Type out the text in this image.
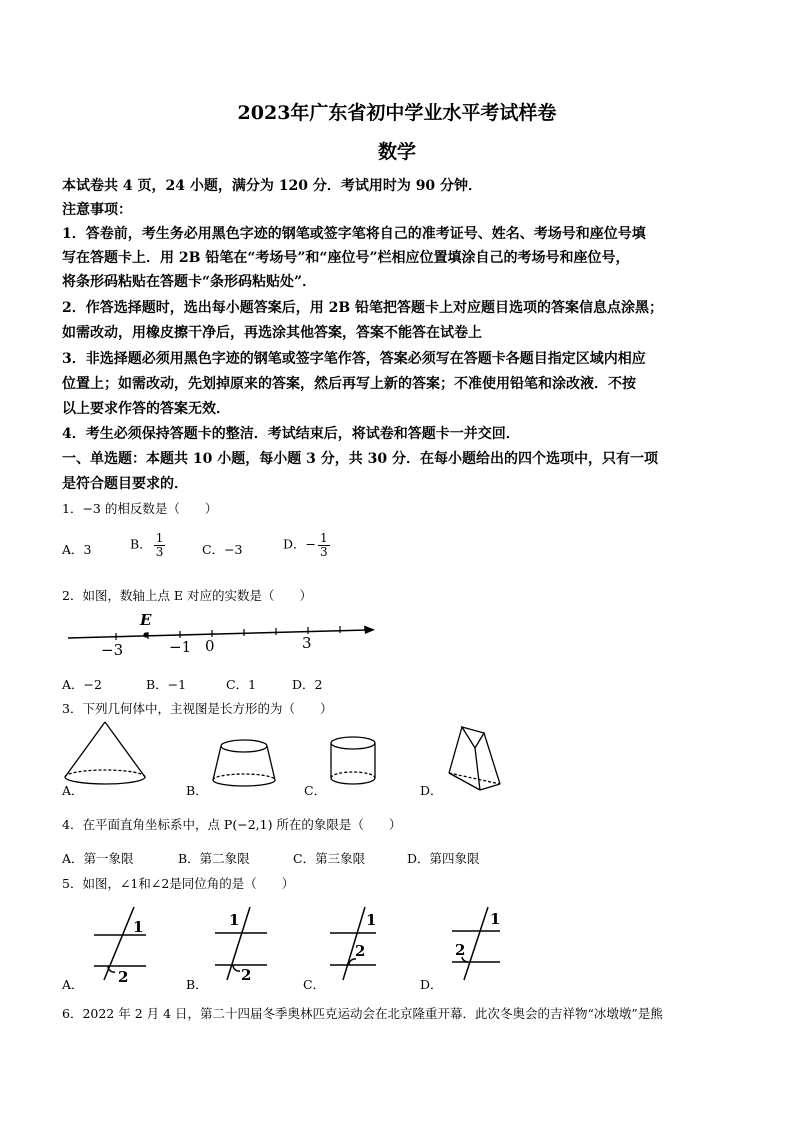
2023年广东省初中学业水平考试样卷
数学
本试卷共 4 页，24 小题，满分为 120 分．考试用时为 90 分钟．
注意事项：
1．答卷前，考生务必用黑色字迹的钢笔或签字笔将自己的准考证号、姓名、考场号和座位号填
写在答题卡上．用 2B 铅笔在“考场号”和“座位号”栏相应位置填涂自己的考场号和座位号，
将条形码粘贴在答题卡“条形码粘贴处”．
2．作答选择题时，选出每小题答案后，用 2B 铅笔把答题卡上对应题目选项的答案信息点涂黑；
如需改动，用橡皮擦干净后，再选涂其他答案，答案不能答在试卷上
3．非选择题必须用黑色字迹的钢笔或签字笔作答，答案必须写在答题卡各题目指定区域内相应
位置上；如需改动，先划掉原来的答案，然后再写上新的答案；不准使用铅笔和涂改液．不按
以上要求作答的答案无效．
4．考生必须保持答题卡的整洁．考试结束后，将试卷和答题卡一并交回．
一、单选题：本题共 10 小题，每小题 3 分，共 30 分．在每小题给出的四个选项中，只有一项
是符合题目要求的．
1．−3 的相反数是（　　）
A．3	B． $\frac{1}{3}$	C．−3	D．− $\frac{1}{3}$
2．如图，数轴上点 E 对应的实数是（　　）
E
−3	−1 0	3
A．−2	B．−1	C．1	D．2
3．下列几何体中，主视图是长方形的为（　　）
A．	B．	C．	D．
4．在平面直角坐标系中，点 P(−2,1) 所在的象限是（　　）
A．第一象限	B．第二象限	C．第三象限	D．第四象限
5．如图，∠1和∠2是同位角的是（　　）
A．	B．	C．	D．
1
2
1
2
1
2
1
2
6．2022 年 2 月 4 日，第二十四届冬季奥林匹克运动会在北京隆重开幕．此次冬奥会的吉祥物“冰墩墩”是熊
